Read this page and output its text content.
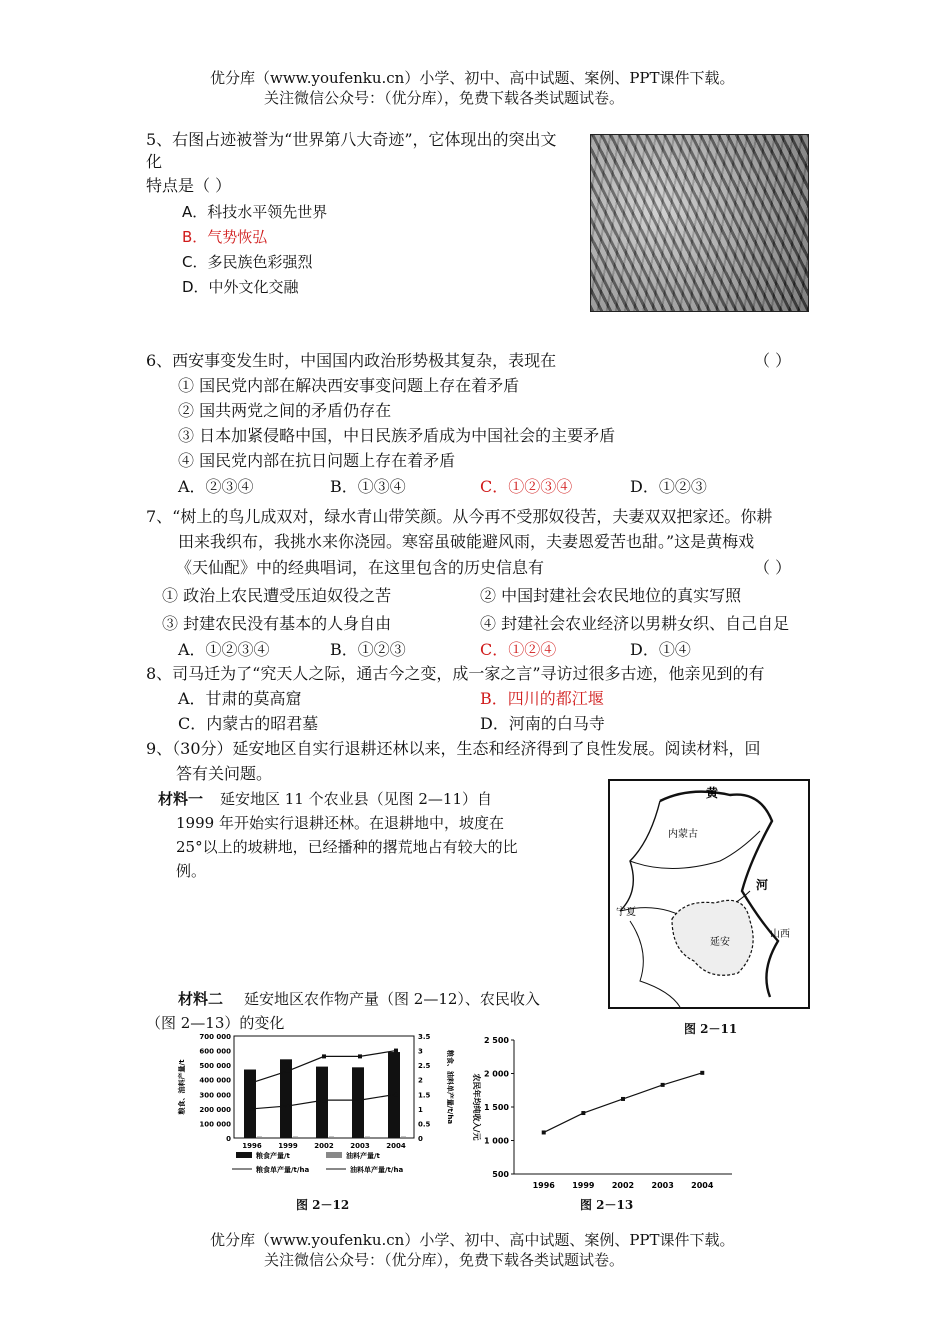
优分库（www.youfenku.cn）小学、初中、高中试题、案例、PPT课件下载。
关注微信公众号：（优分库），免费下载各类试题试卷。
5、右图占迹被誉为“世界第八大奇迹”，它体现出的突出文
化
特点是（ ）
A．科技水平领先世界
B．气势恢弘
C．多民族色彩强烈
D．中外文化交融
6、西安事变发生时，中国国内政治形势极其复杂，表现在	（ ）
① 国民党内部在解决西安事变问题上存在着矛盾
② 国共两党之间的矛盾仍存在
③ 日本加紧侵略中国，中日民族矛盾成为中国社会的主要矛盾
④ 国民党内部在抗日问题上存在着矛盾
A．②③④	B．①③④	C．①②③④	D．①②③
7、“树上的鸟儿成双对，绿水青山带笑颜。从今再不受那奴役苦，夫妻双双把家还。你耕
田来我织布，我挑水来你浇园。寒窑虽破能避风雨，夫妻恩爱苦也甜。”这是黄梅戏
《天仙配》中的经典唱词，在这里包含的历史信息有	（ ）
① 政治上农民遭受压迫奴役之苦	② 中国封建社会农民地位的真实写照
③ 封建农民没有基本的人身自由	④ 封建社会农业经济以男耕女织、自己自足
A．①②③④	B．①②③	C．①②④	D．①④
8、司马迁为了“究天人之际，通古今之变，成一家之言”寻访过很多古迹，他亲见到的有
A．甘肃的莫高窟	B．四川的都江堰
C．内蒙古的昭君墓	D．河南的白马寺
9、（30分）延安地区自实行退耕还林以来，生态和经济得到了良性发展。阅读材料，回
答有关问题。
材料一 延安地区 11 个农业县（见图 2—11）自
1999 年开始实行退耕还林。在退耕地中，坡度在
25°以上的坡耕地，已经播种的撂荒地占有较大的比
例。
材料二 延安地区农作物产量（图 2—12）、农民收入
（图 2—13）的变化
黄
河
内蒙古
宁夏
延安
山西
图 2－11
700 000
600 000
500 000
400 000
300 000
200 000
100 000
0
3.5
3
2.5
2
1.5
1
0.5
0
粮食、油料产量/t	粮食、油料单产量/t/ha
1996 1999 2002 2003 2004
粮食产量/t	油料产量/t
粮食单产量/t/ha	油料单产量/t/ha
图 2－12
2 500
2 000
1 500
1 000
500
农民年均纯收入/元
1996 1999 2002 2003 2004
图 2－13
优分库（www.youfenku.cn）小学、初中、高中试题、案例、PPT课件下载。
关注微信公众号：（优分库），免费下载各类试题试卷。
